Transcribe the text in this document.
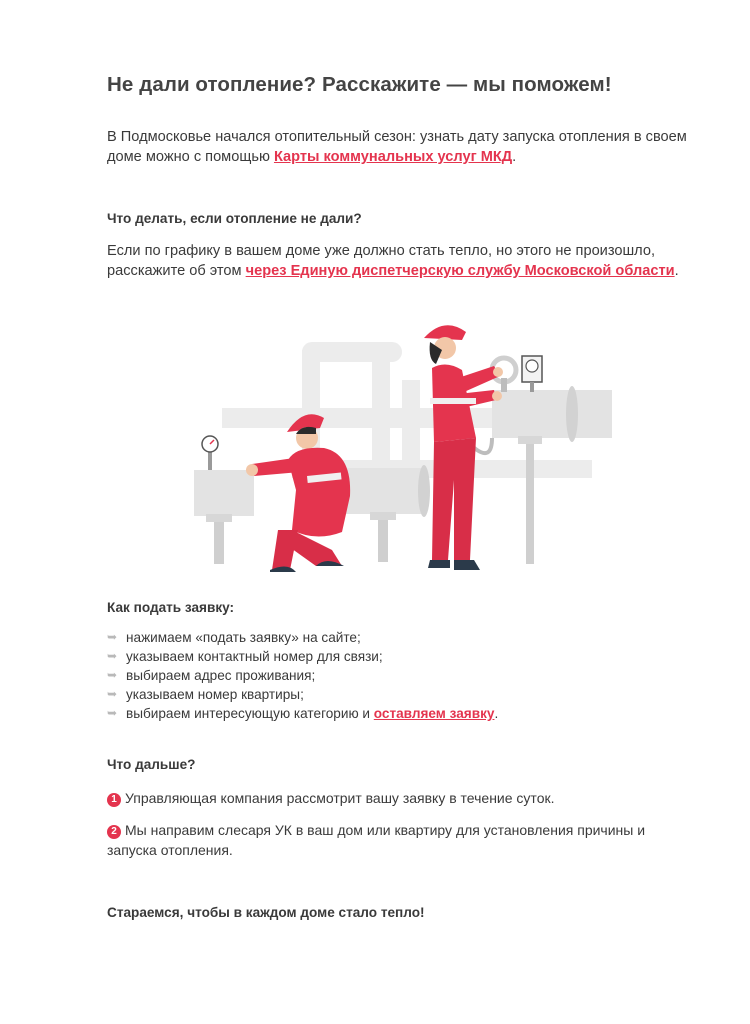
Не дали отопление? Расскажите — мы поможем!

В Подмосковье начался отопительный сезон: узнать дату запуска отопления в своем доме можно с помощью Карты коммунальных услуг МКД.

Что делать, если отопление не дали?

Если по графику в вашем доме уже должно стать тепло, но этого не произошло, расскажите об этом через Единую диспетчерскую службу Московской области.

Как подать заявку:

➥ нажимаем «подать заявку» на сайте;
➥ указываем контактный номер для связи;
➥ выбираем адрес проживания;
➥ указываем номер квартиры;
➥ выбираем интересующую категорию и оставляем заявку .

Что дальше?

1 Управляющая компания рассмотрит вашу заявку в течение суток.

2 Мы направим слесаря УК в ваш дом или квартиру для установления причины и запуска отопления.

Стараемся, чтобы в каждом доме стало тепло!
